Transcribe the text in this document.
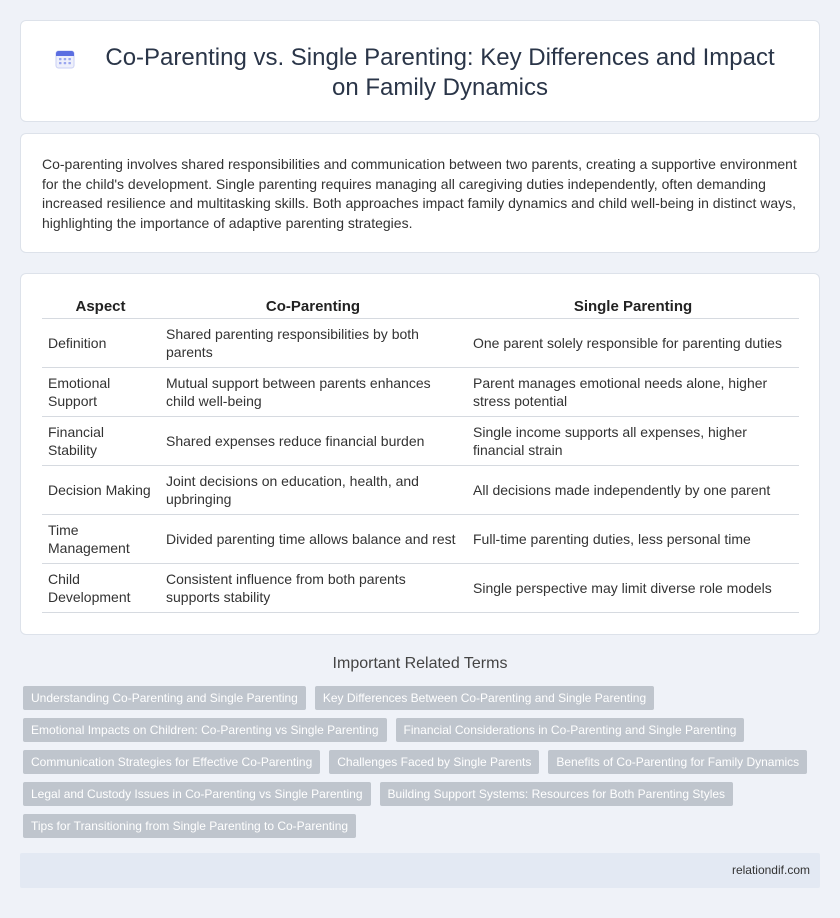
Co-Parenting vs. Single Parenting: Key Differences and Impact on Family Dynamics

Co-parenting involves shared responsibilities and communication between two parents, creating a supportive environment for the child's development. Single parenting requires managing all caregiving duties independently, often demanding increased resilience and multitasking skills. Both approaches impact family dynamics and child well-being in distinct ways, highlighting the importance of adaptive parenting strategies.

Aspect	Co-Parenting	Single Parenting
Definition	Shared parenting responsibilities by both parents	One parent solely responsible for parenting duties
Emotional Support	Mutual support between parents enhances child well-being	Parent manages emotional needs alone, higher stress potential
Financial Stability	Shared expenses reduce financial burden	Single income supports all expenses, higher financial strain
Decision Making	Joint decisions on education, health, and upbringing	All decisions made independently by one parent
Time Management	Divided parenting time allows balance and rest	Full-time parenting duties, less personal time
Child Development	Consistent influence from both parents supports stability	Single perspective may limit diverse role models
Important Related Terms
Understanding Co-Parenting and Single Parenting	Key Differences Between Co-Parenting and Single Parenting
Emotional Impacts on Children: Co-Parenting vs Single Parenting	Financial Considerations in Co-Parenting and Single Parenting
Communication Strategies for Effective Co-Parenting	Challenges Faced by Single Parents	Benefits of Co-Parenting for Family Dynamics
Legal and Custody Issues in Co-Parenting vs Single Parenting	Building Support Systems: Resources for Both Parenting Styles
Tips for Transitioning from Single Parenting to Co-Parenting
relationdif.com
